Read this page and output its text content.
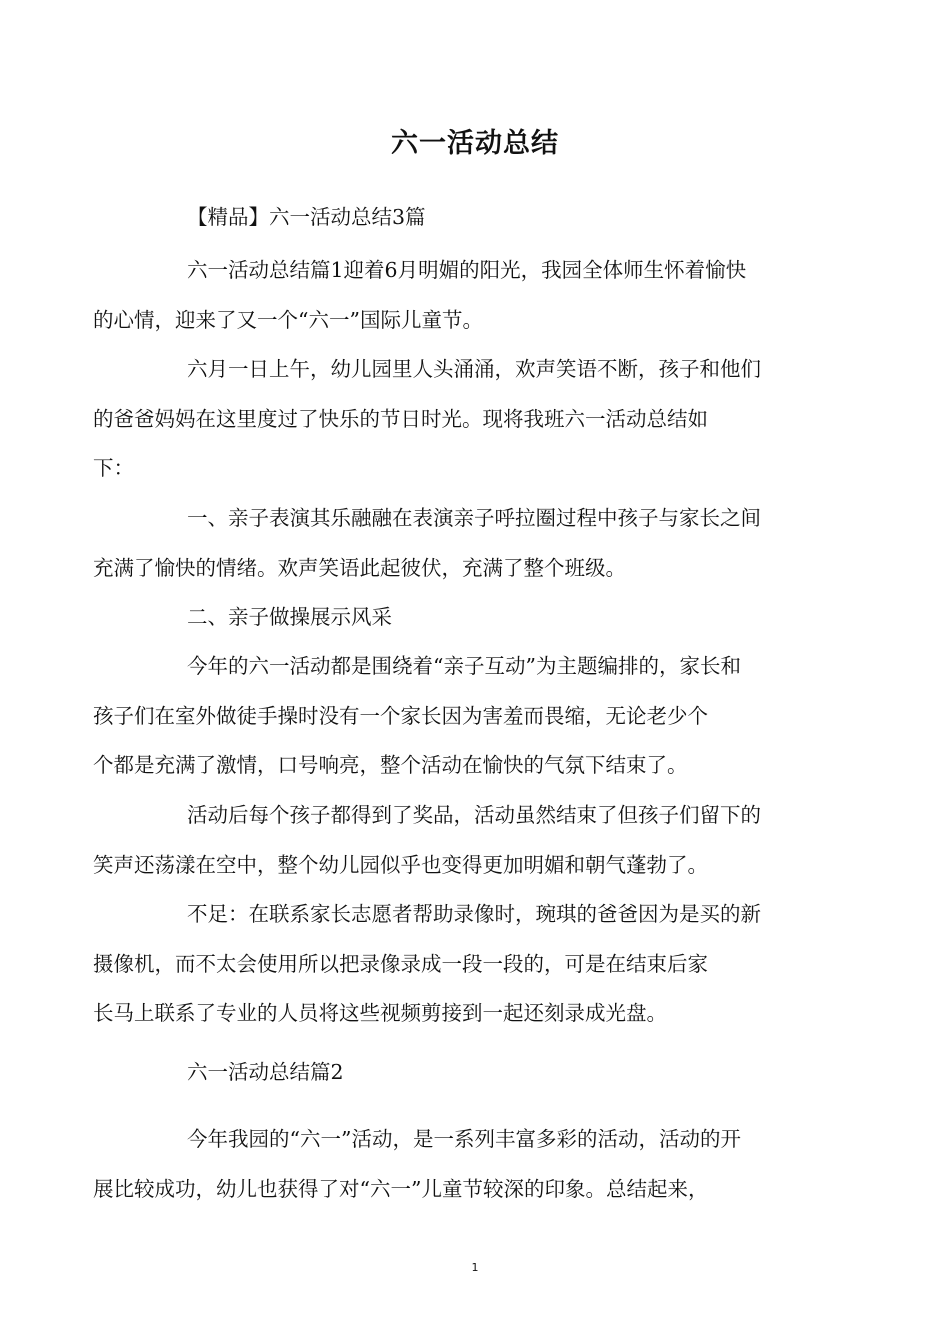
六一活动总结

【精品】六一活动总结3篇

六一活动总结篇1迎着6月明媚的阳光，我园全体师生怀着愉快
的心情，迎来了又一个“六一”国际儿童节。

六月一日上午，幼儿园里人头涌涌，欢声笑语不断，孩子和他们
的爸爸妈妈在这里度过了快乐的节日时光。现将我班六一活动总结如
下：

一、亲子表演其乐融融在表演亲子呼拉圈过程中孩子与家长之间
充满了愉快的情绪。欢声笑语此起彼伏，充满了整个班级。

二、亲子做操展示风采

今年的六一活动都是围绕着“亲子互动”为主题编排的，家长和
孩子们在室外做徒手操时没有一个家长因为害羞而畏缩，无论老少个
个都是充满了激情，口号响亮，整个活动在愉快的气氛下结束了。

活动后每个孩子都得到了奖品，活动虽然结束了但孩子们留下的
笑声还荡漾在空中，整个幼儿园似乎也变得更加明媚和朝气蓬勃了。

不足：在联系家长志愿者帮助录像时，琬琪的爸爸因为是买的新
摄像机，而不太会使用所以把录像录成一段一段的，可是在结束后家
长马上联系了专业的人员将这些视频剪接到一起还刻录成光盘。

六一活动总结篇2

今年我园的“六一”活动，是一系列丰富多彩的活动，活动的开
展比较成功，幼儿也获得了对“六一”儿童节较深的印象。总结起来，

1
